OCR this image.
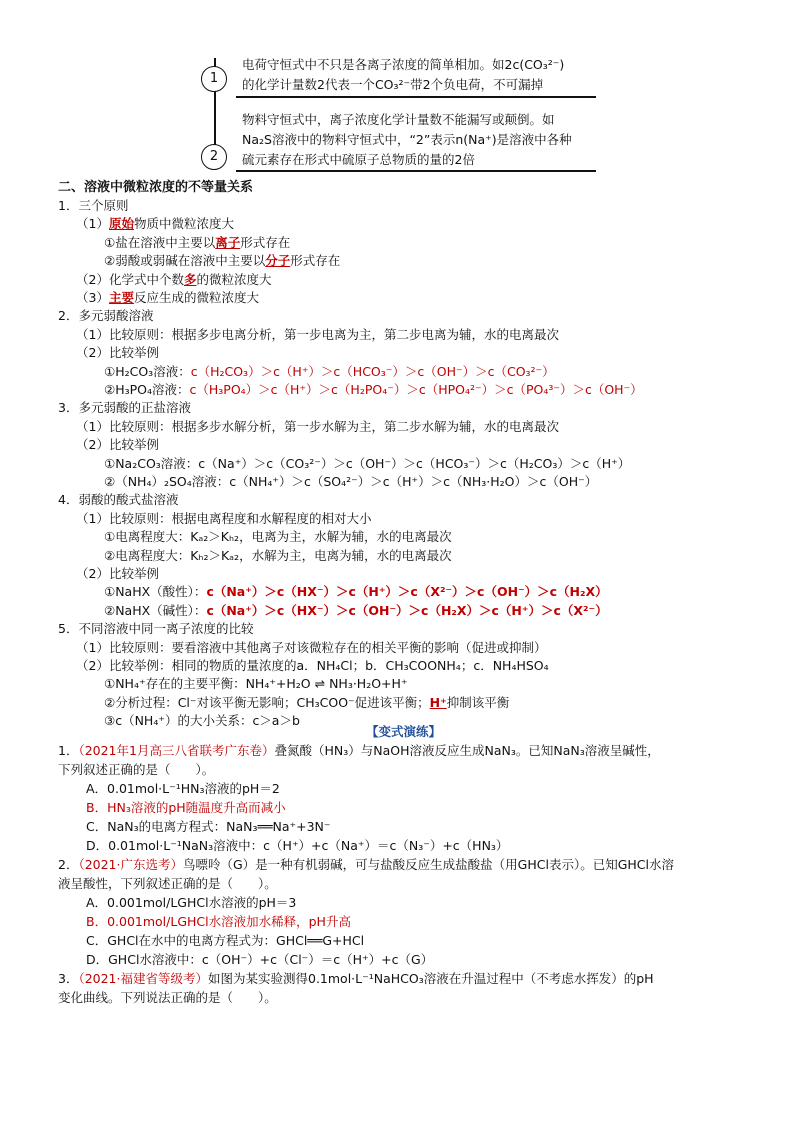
1
2
电荷守恒式中不只是各离子浓度的简单相加。如2c(CO₃²⁻)
的化学计量数2代表一个CO₃²⁻带2个负电荷，不可漏掉
物料守恒式中，离子浓度化学计量数不能漏写或颠倒。如
Na₂S溶液中的物料守恒式中，“2”表示n(Na⁺)是溶液中各种
硫元素存在形式中硫原子总物质的量的2倍
二、溶液中微粒浓度的不等量关系
1．三个原则
（1）原始物质中微粒浓度大
①盐在溶液中主要以离子形式存在
②弱酸或弱碱在溶液中主要以分子形式存在
（2）化学式中个数多的微粒浓度大
（3）主要反应生成的微粒浓度大
2．多元弱酸溶液
（1）比较原则：根据多步电离分析，第一步电离为主，第二步电离为辅，水的电离最次
（2）比较举例
①H₂CO₃溶液：c（H₂CO₃）＞c（H⁺）＞c（HCO₃⁻）＞c（OH⁻）＞c（CO₃²⁻）
②H₃PO₄溶液：c（H₃PO₄）＞c（H⁺）＞c（H₂PO₄⁻）＞c（HPO₄²⁻）＞c（PO₄³⁻）＞c（OH⁻）
3．多元弱酸的正盐溶液
（1）比较原则：根据多步水解分析，第一步水解为主，第二步水解为辅，水的电离最次
（2）比较举例
①Na₂CO₃溶液：c（Na⁺）＞c（CO₃²⁻）＞c（OH⁻）＞c（HCO₃⁻）＞c（H₂CO₃）＞c（H⁺）
②（NH₄）₂SO₄溶液：c（NH₄⁺）＞c（SO₄²⁻）＞c（H⁺）＞c（NH₃·H₂O）＞c（OH⁻）
4．弱酸的酸式盐溶液
（1）比较原则：根据电离程度和水解程度的相对大小
①电离程度大：Kₐ₂＞Kₕ₂，电离为主，水解为辅，水的电离最次
②电离程度大：Kₕ₂＞Kₐ₂，水解为主，电离为辅，水的电离最次
（2）比较举例
①NaHX（酸性）：c（Na⁺）＞c（HX⁻）＞c（H⁺）＞c（X²⁻）＞c（OH⁻）＞c（H₂X）
②NaHX（碱性）：c（Na⁺）＞c（HX⁻）＞c（OH⁻）＞c（H₂X）＞c（H⁺）＞c（X²⁻）
5．不同溶液中同一离子浓度的比较
（1）比较原则：要看溶液中其他离子对该微粒存在的相关平衡的影响（促进或抑制）
（2）比较举例：相同的物质的量浓度的a．NH₄Cl；b．CH₃COONH₄；c．NH₄HSO₄
①NH₄⁺存在的主要平衡：NH₄⁺+H₂O ⇌ NH₃·H₂O+H⁺
②分析过程：Cl⁻对该平衡无影响；CH₃COO⁻促进该平衡；H⁺抑制该平衡
③c（NH₄⁺）的大小关系：c＞a＞b
【变式演练】
1．（2021年1月高三八省联考广东卷）叠氮酸（HN₃）与NaOH溶液反应生成NaN₃。已知NaN₃溶液呈碱性，
下列叙述正确的是（　　）。
A．0.01mol·L⁻¹HN₃溶液的pH＝2
B．HN₃溶液的pH随温度升高而减小
C．NaN₃的电离方程式：NaN₃══Na⁺+3N⁻
D．0.01mol·L⁻¹NaN₃溶液中：c（H⁺）+c（Na⁺）＝c（N₃⁻）+c（HN₃）
2．（2021·广东选考）鸟嘌呤（G）是一种有机弱碱，可与盐酸反应生成盐酸盐（用GHCl表示）。已知GHCl水溶
液呈酸性，下列叙述正确的是（　　）。
A．0.001mol/LGHCl水溶液的pH＝3
B．0.001mol/LGHCl水溶液加水稀释，pH升高
C．GHCl在水中的电离方程式为：GHCl══G+HCl
D．GHCl水溶液中：c（OH⁻）+c（Cl⁻）＝c（H⁺）+c（G）
3．（2021·福建省等级考）如图为某实验测得0.1mol·L⁻¹NaHCO₃溶液在升温过程中（不考虑水挥发）的pH
变化曲线。下列说法正确的是（　　）。
